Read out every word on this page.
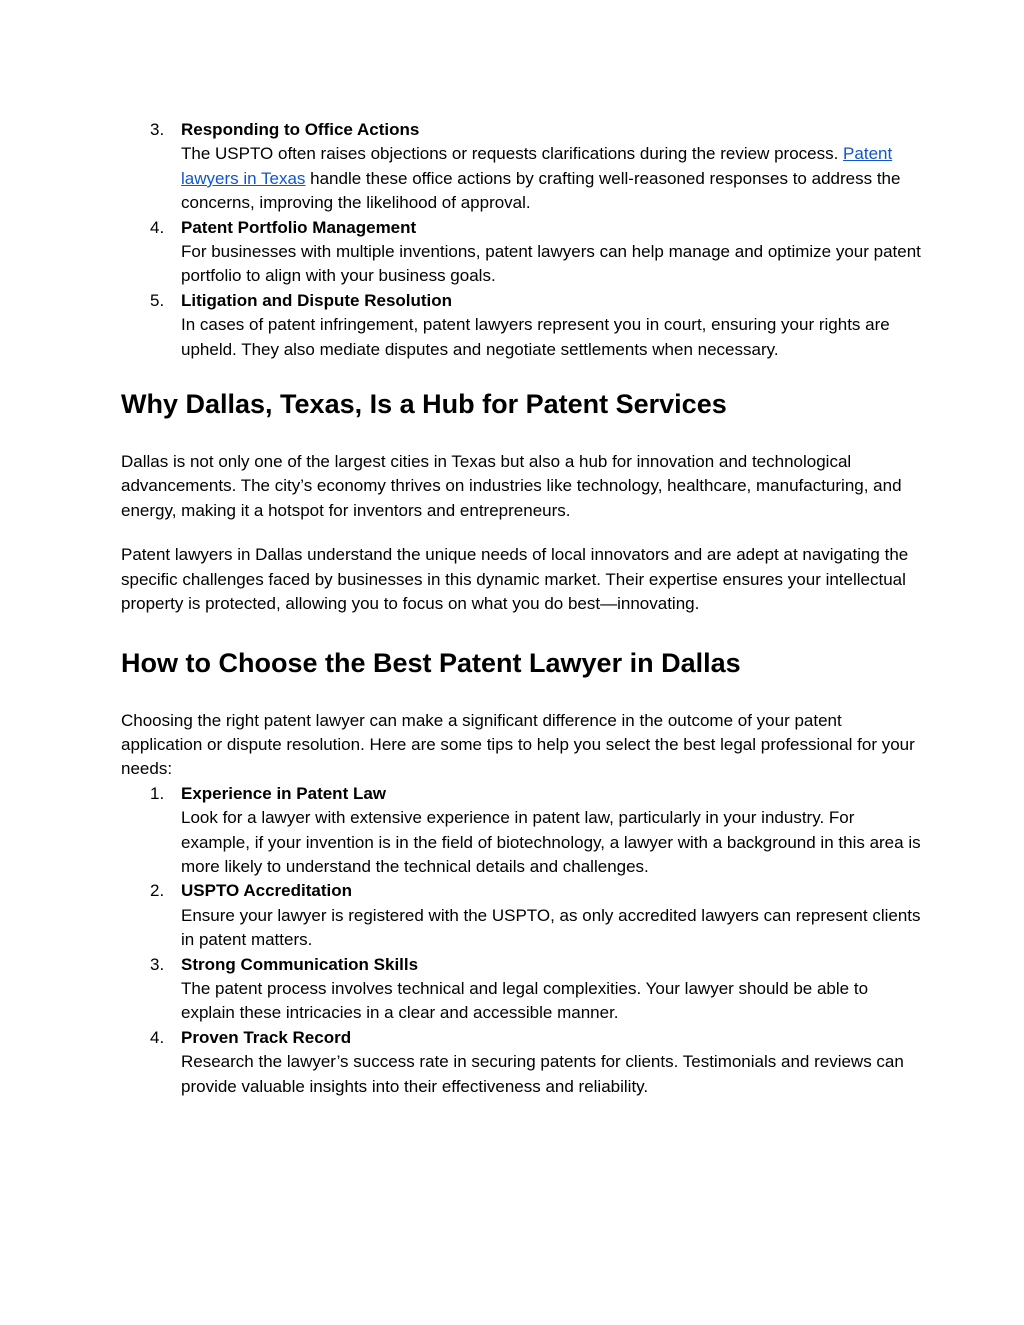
3. Responding to Office Actions
The USPTO often raises objections or requests clarifications during the review process. Patent lawyers in Texas handle these office actions by crafting well-reasoned responses to address the concerns, improving the likelihood of approval.
4. Patent Portfolio Management
For businesses with multiple inventions, patent lawyers can help manage and optimize your patent portfolio to align with your business goals.
5. Litigation and Dispute Resolution
In cases of patent infringement, patent lawyers represent you in court, ensuring your rights are upheld. They also mediate disputes and negotiate settlements when necessary.
Why Dallas, Texas, Is a Hub for Patent Services

Dallas is not only one of the largest cities in Texas but also a hub for innovation and technological advancements. The city’s economy thrives on industries like technology, healthcare, manufacturing, and energy, making it a hotspot for inventors and entrepreneurs.

Patent lawyers in Dallas understand the unique needs of local innovators and are adept at navigating the specific challenges faced by businesses in this dynamic market. Their expertise ensures your intellectual property is protected, allowing you to focus on what you do best—innovating.

How to Choose the Best Patent Lawyer in Dallas

Choosing the right patent lawyer can make a significant difference in the outcome of your patent application or dispute resolution. Here are some tips to help you select the best legal professional for your needs:

1. Experience in Patent Law
Look for a lawyer with extensive experience in patent law, particularly in your industry. For example, if your invention is in the field of biotechnology, a lawyer with a background in this area is more likely to understand the technical details and challenges.
2. USPTO Accreditation
Ensure your lawyer is registered with the USPTO, as only accredited lawyers can represent clients in patent matters.
3. Strong Communication Skills
The patent process involves technical and legal complexities. Your lawyer should be able to explain these intricacies in a clear and accessible manner.
4. Proven Track Record
Research the lawyer’s success rate in securing patents for clients. Testimonials and reviews can provide valuable insights into their effectiveness and reliability.
